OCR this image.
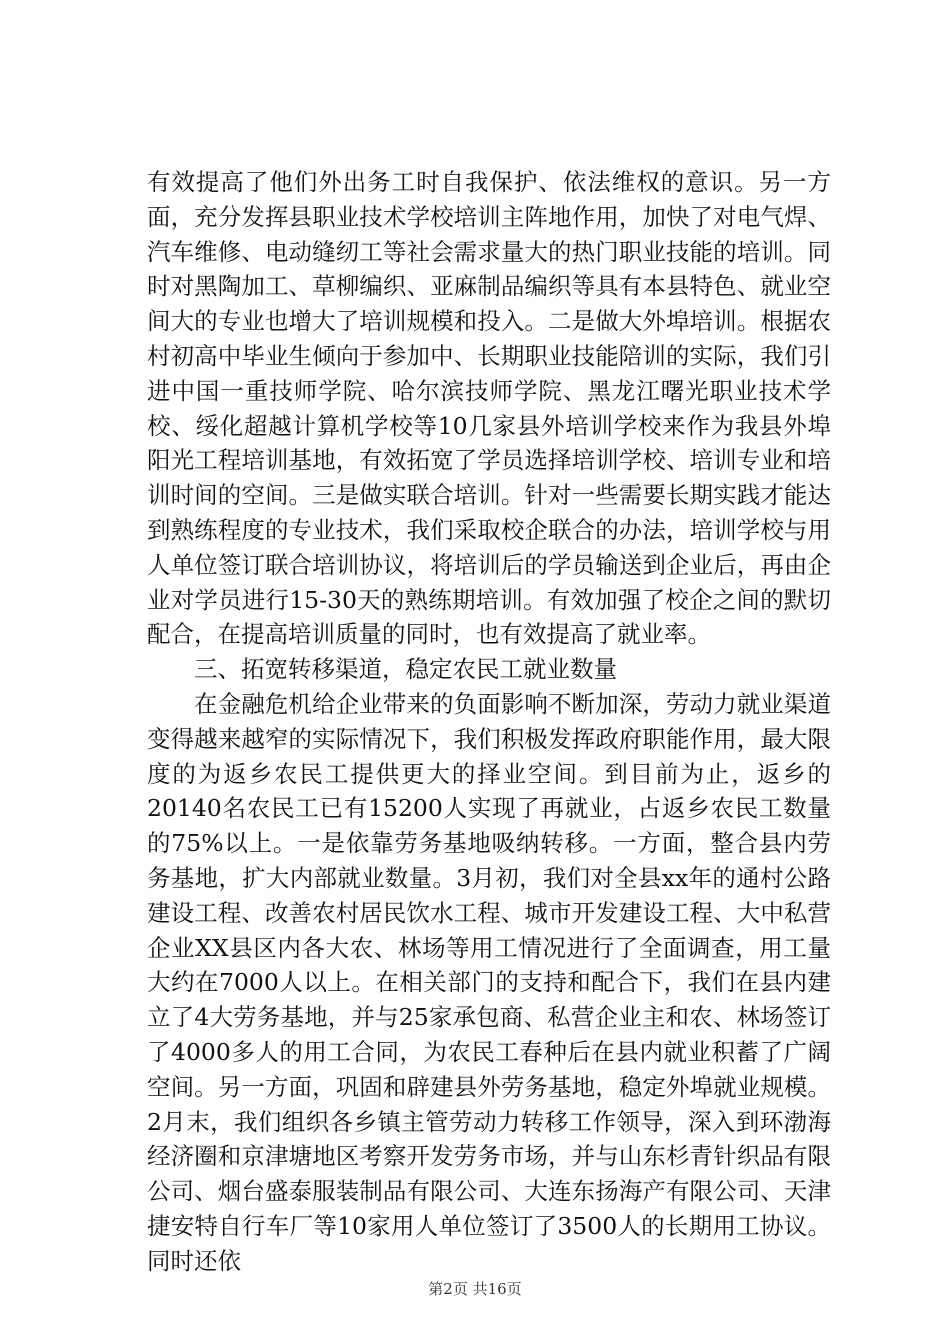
有效提高了他们外出务工时自我保护、依法维权的意识。另一方面，充分发挥县职业技术学校培训主阵地作用，加快了对电气焊、汽车维修、电动缝纫工等社会需求量大的热门职业技能的培训。同时对黑陶加工、草柳编织、亚麻制品编织等具有本县特色、就业空间大的专业也增大了培训规模和投入。二是做大外埠培训。根据农村初高中毕业生倾向于参加中、长期职业技能陪训的实际，我们引进中国一重技师学院、哈尔滨技师学院、黑龙江曙光职业技术学校、绥化超越计算机学校等10几家县外培训学校来作为我县外埠阳光工程培训基地，有效拓宽了学员选择培训学校、培训专业和培训时间的空间。三是做实联合培训。针对一些需要长期实践才能达到熟练程度的专业技术，我们采取校企联合的办法，培训学校与用人单位签订联合培训协议，将培训后的学员输送到企业后，再由企业对学员进行15-30天的熟练期培训。有效加强了校企之间的默切配合，在提高培训质量的同时，也有效提高了就业率。

三、拓宽转移渠道，稳定农民工就业数量

在金融危机给企业带来的负面影响不断加深，劳动力就业渠道变得越来越窄的实际情况下，我们积极发挥政府职能作用，最大限度的为返乡农民工提供更大的择业空间。到目前为止，返乡的20140名农民工已有15200人实现了再就业，占返乡农民工数量的75%以上。一是依靠劳务基地吸纳转移。一方面，整合县内劳务基地，扩大内部就业数量。3月初，我们对全县xx年的通村公路建设工程、改善农村居民饮水工程、城市开发建设工程、大中私营企业XX县区内各大农、林场等用工情况进行了全面调查，用工量大约在7000人以上。在相关部门的支持和配合下，我们在县内建立了4大劳务基地，并与25家承包商、私营企业主和农、林场签订了4000多人的用工合同，为农民工春种后在县内就业积蓄了广阔空间。另一方面，巩固和辟建县外劳务基地，稳定外埠就业规模。2月末，我们组织各乡镇主管劳动力转移工作领导，深入到环渤海经济圈和京津塘地区考察开发劳务市场，并与山东杉青针织品有限公司、烟台盛泰服装制品有限公司、大连东扬海产有限公司、天津捷安特自行车厂等10家用人单位签订了3500人的长期用工协议。同时还依

第2页 共16页
